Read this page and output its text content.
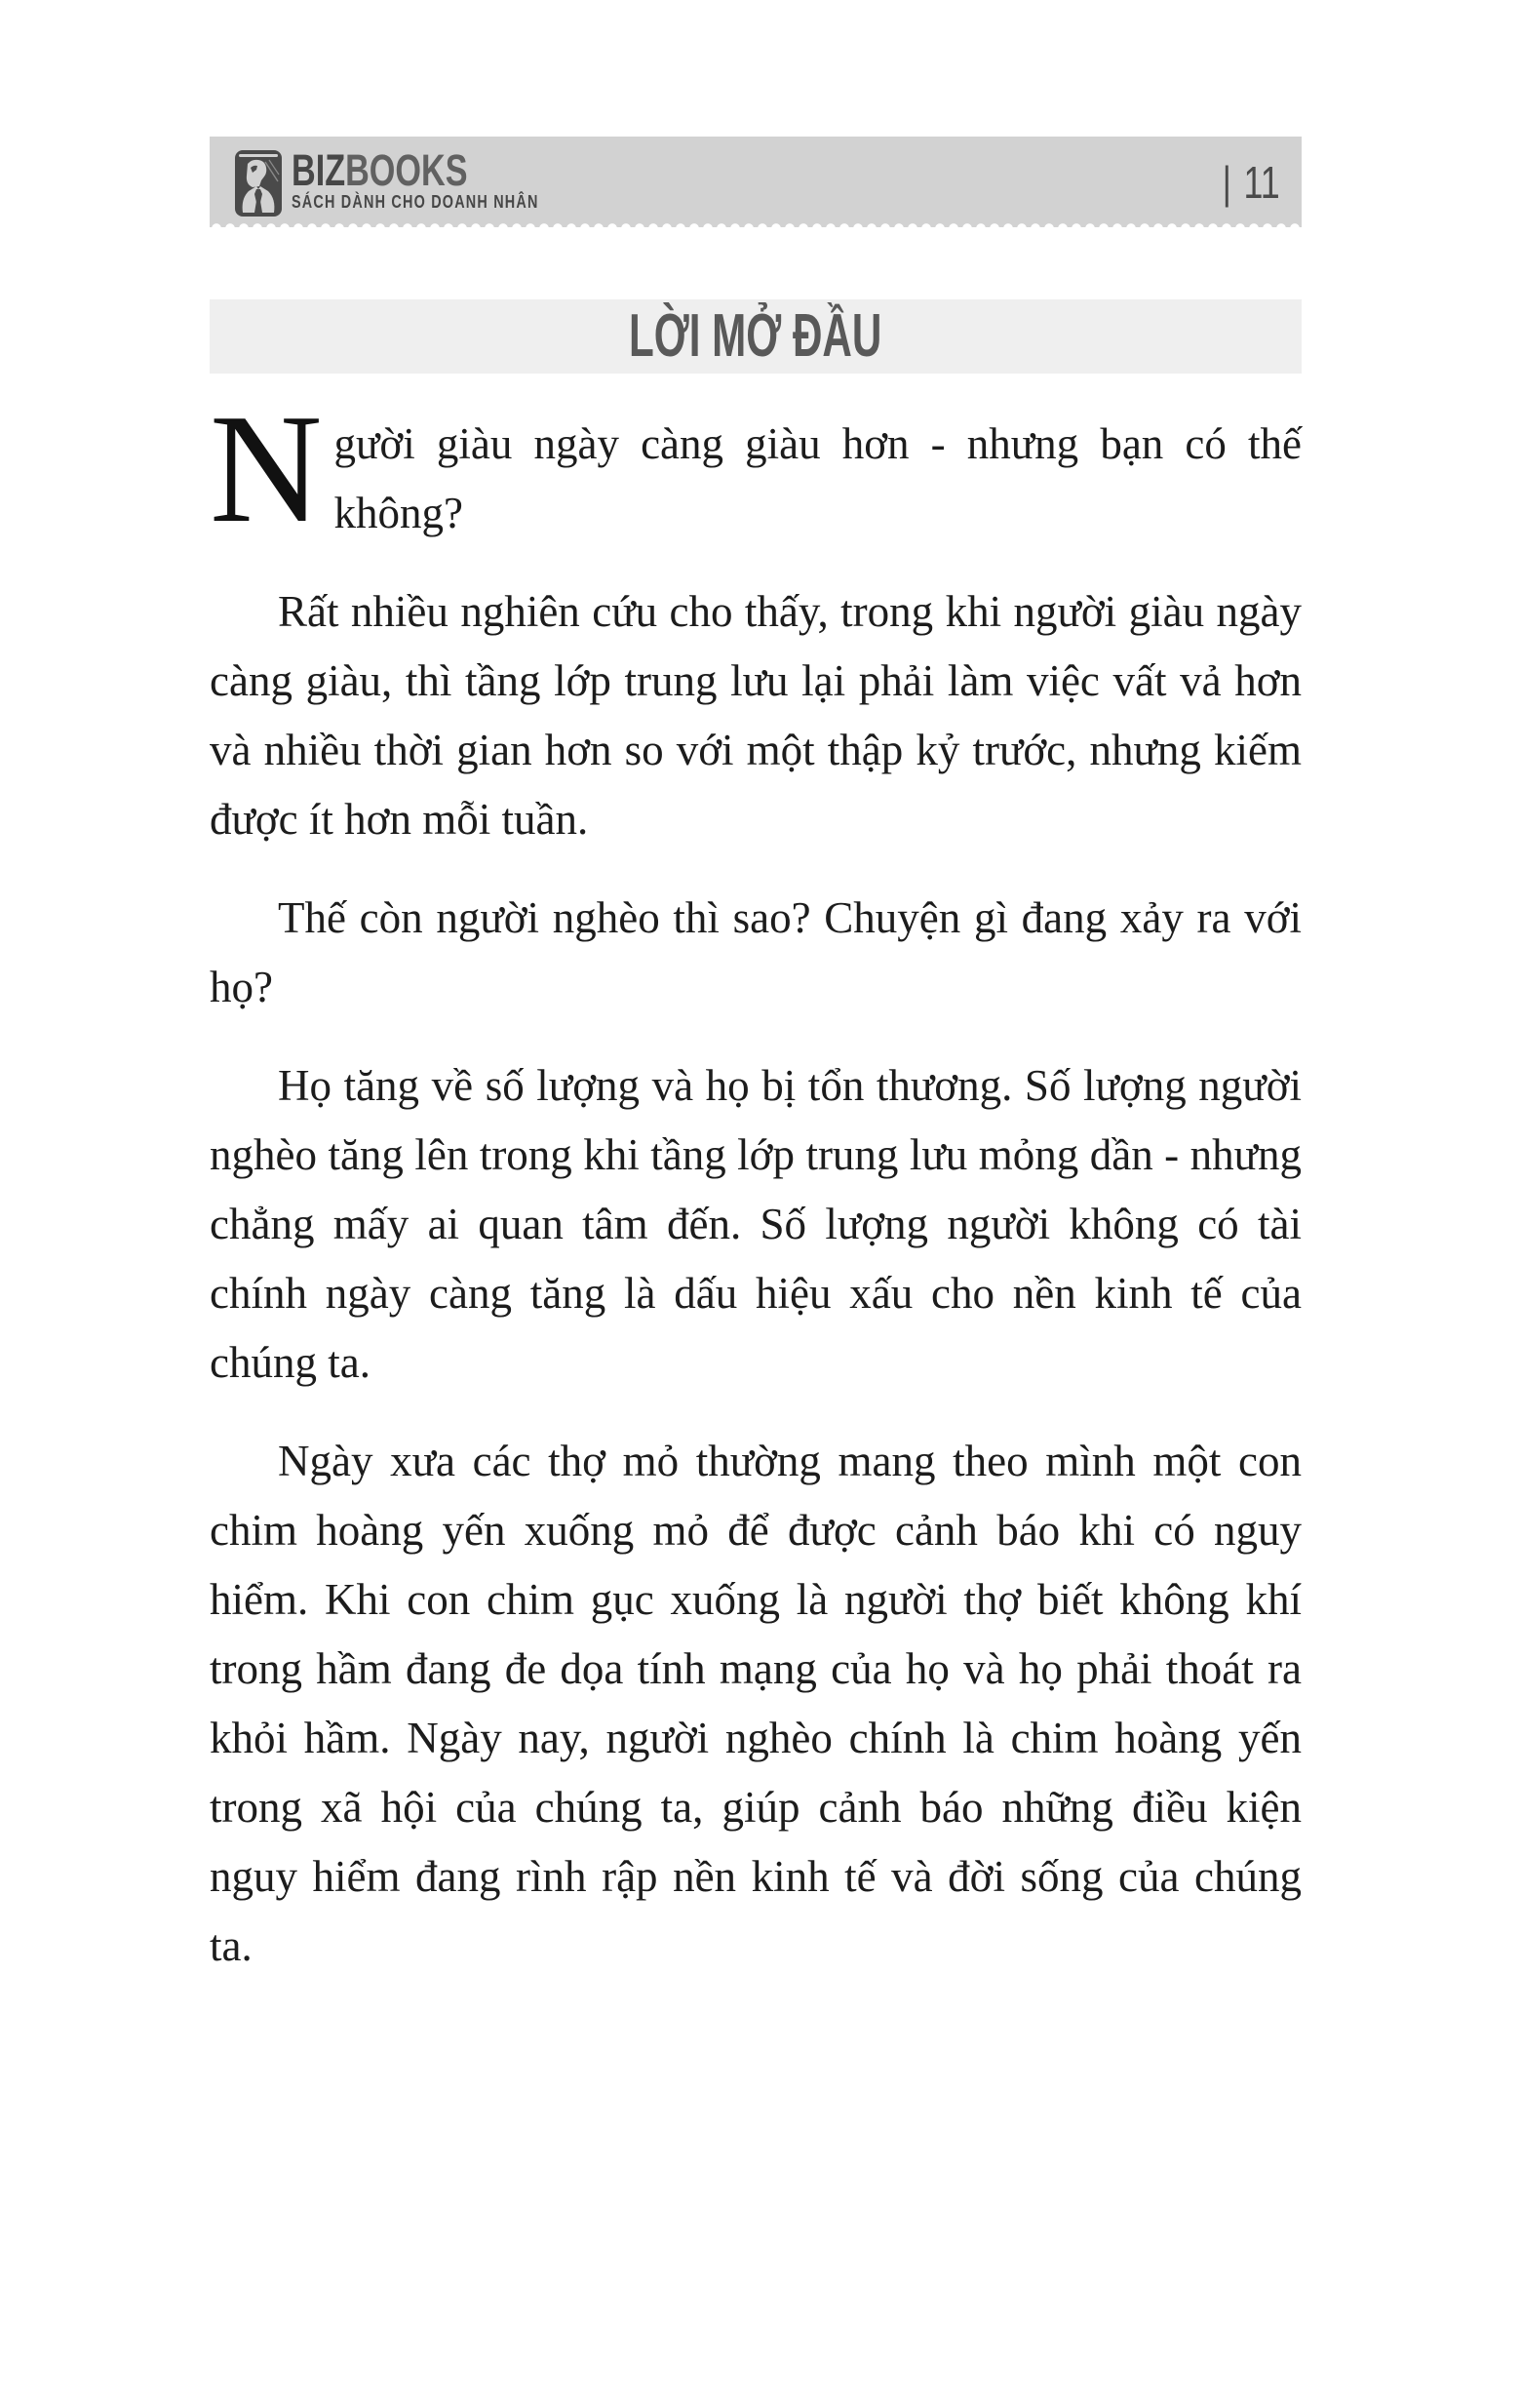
BIZBOOKS
SÁCH DÀNH CHO DOANH NHÂN	| 11
LỜI MỞ ĐẦU

Người giàu ngày càng giàu hơn - nhưng bạn có thế không?

Rất nhiều nghiên cứu cho thấy, trong khi người giàu ngày càng giàu, thì tầng lớp trung lưu lại phải làm việc vất vả hơn và nhiều thời gian hơn so với một thập kỷ trước, nhưng kiếm được ít hơn mỗi tuần.

Thế còn người nghèo thì sao? Chuyện gì đang xảy ra với họ?

Họ tăng về số lượng và họ bị tổn thương. Số lượng người nghèo tăng lên trong khi tầng lớp trung lưu mỏng dần - nhưng chẳng mấy ai quan tâm đến. Số lượng người không có tài chính ngày càng tăng là dấu hiệu xấu cho nền kinh tế của chúng ta.

Ngày xưa các thợ mỏ thường mang theo mình một con chim hoàng yến xuống mỏ để được cảnh báo khi có nguy hiểm. Khi con chim gục xuống là người thợ biết không khí trong hầm đang đe dọa tính mạng của họ và họ phải thoát ra khỏi hầm. Ngày nay, người nghèo chính là chim hoàng yến trong xã hội của chúng ta, giúp cảnh báo những điều kiện nguy hiểm đang rình rập nền kinh tế và đời sống của chúng ta.
